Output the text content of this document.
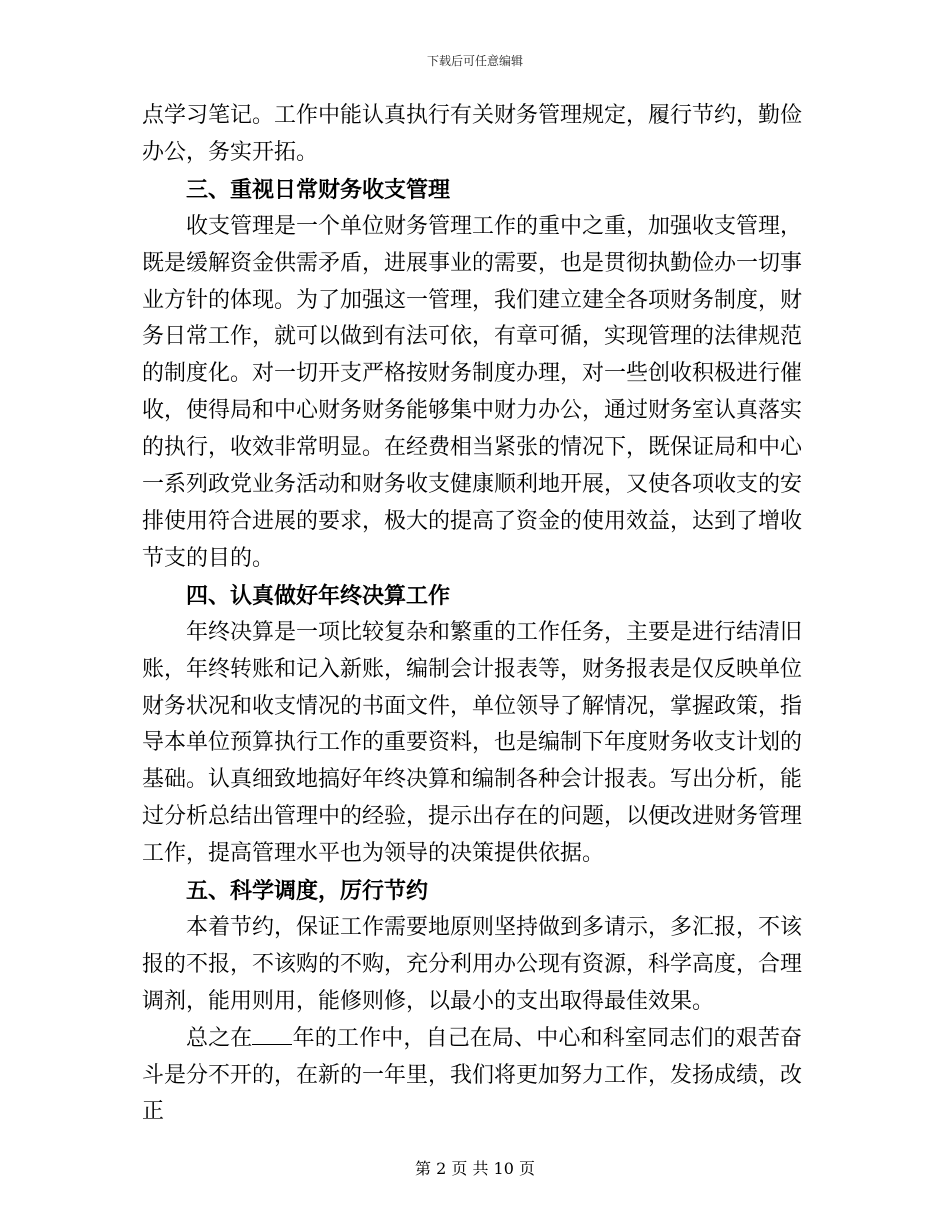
下载后可任意编辑

点学习笔记。工作中能认真执行有关财务管理规定，履行节约，勤俭办公，务实开拓。

三、重视日常财务收支管理

收支管理是一个单位财务管理工作的重中之重，加强收支管理，既是缓解资金供需矛盾，进展事业的需要，也是贯彻执勤俭办一切事业方针的体现。为了加强这一管理，我们建立建全各项财务制度，财务日常工作，就可以做到有法可依，有章可循，实现管理的法律规范的制度化。对一切开支严格按财务制度办理，对一些创收积极进行催收，使得局和中心财务财务能够集中财力办公，通过财务室认真落实的执行，收效非常明显。在经费相当紧张的情况下，既保证局和中心一系列政党业务活动和财务收支健康顺利地开展，又使各项收支的安排使用符合进展的要求，极大的提高了资金的使用效益，达到了增收节支的目的。

四、认真做好年终决算工作

年终决算是一项比较复杂和繁重的工作任务，主要是进行结清旧账，年终转账和记入新账，编制会计报表等，财务报表是仅反映单位财务状况和收支情况的书面文件，单位领导了解情况，掌握政策，指导本单位预算执行工作的重要资料，也是编制下年度财务收支计划的基础。认真细致地搞好年终决算和编制各种会计报表。写出分析，能过分析总结出管理中的经验，提示出存在的问题，以便改进财务管理工作，提高管理水平也为领导的决策提供依据。

五、科学调度，厉行节约

本着节约，保证工作需要地原则坚持做到多请示，多汇报，不该报的不报，不该购的不购，充分利用办公现有资源，科学高度，合理调剂，能用则用，能修则修，以最小的支出取得最佳效果。

总之在 年的工作中，自己在局、中心和科室同志们的艰苦奋斗是分不开的，在新的一年里，我们将更加努力工作，发扬成绩，改正

第 2 页 共 10 页
